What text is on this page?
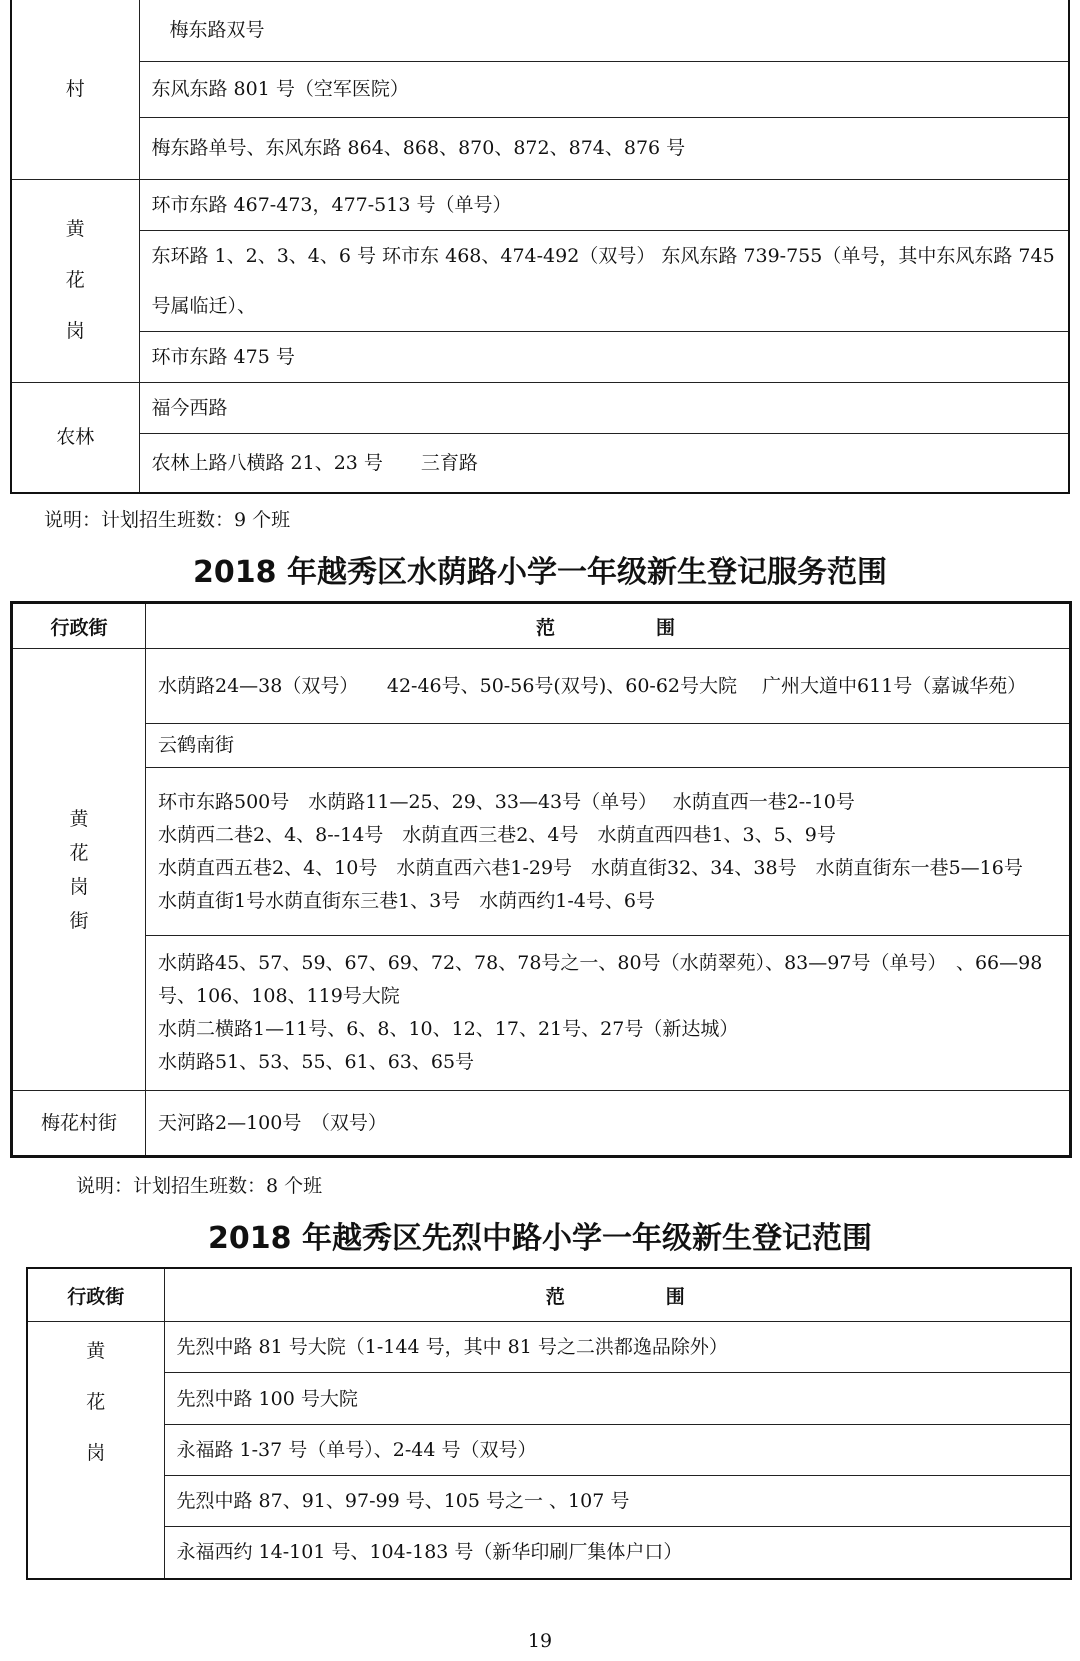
村	梅东路双号
	东风东路 801 号（空军医院）
	梅东路单号、东风东路 864、868、870、872、874、876 号

黄
花
岗	环市东路 467-473，477-513 号（单号）
	东环路 1、2、3、4、6 号 环市东 468、474-492（双号） 东风东路 739-755（单号，其中东风东路 745 号属临迁）、
	环市东路 475 号
农林	福今西路
	农林上路八横路 21、23 号　　三育路
说明：计划招生班数：9 个班
2018 年越秀区水荫路小学一年级新生登记服务范围
行政街	范 围

黄
花
岗
街	水荫路24—38（双号）　　42-46号、50-56号(双号)、60-62号大院　 广州大道中611号（嘉诚华苑）
	云鹤南街

	环市东路500号　水荫路11—25、29、33—43号（单号）　 水荫直西一巷2--10号
水荫西二巷2、4、8--14号　水荫直西三巷2、4号　水荫直西四巷1、3、5、9号
水荫直西五巷2、4、10号　水荫直西六巷1-29号　水荫直街32、34、38号　水荫直街东一巷5—16号
水荫直街1号水荫直街东三巷1、3号　水荫西约1-4号、6号

	水荫路45、57、59、67、69、72、78、78号之一、80号（水荫翠苑）、83—97号（单号）　、66—98号、106、108、119号大院
水荫二横路1—11号、6、8、10、12、17、21号、27号（新达城）
水荫路51、53、55、61、63、65号

梅花村街	天河路2—100号　（双号）
说明：计划招生班数：8 个班
2018 年越秀区先烈中路小学一年级新生登记范围
行政街	范 围

黄
花
岗	先烈中路 81 号大院（1-144 号，其中 81 号之二洪都逸品除外）
	先烈中路 100 号大院
	永福路 1-37 号（单号）、2-44 号（双号）
	先烈中路 87、91、97-99 号、105 号之一 、107 号
	永福西约 14-101 号、104-183 号（新华印刷厂集体户口）
19
